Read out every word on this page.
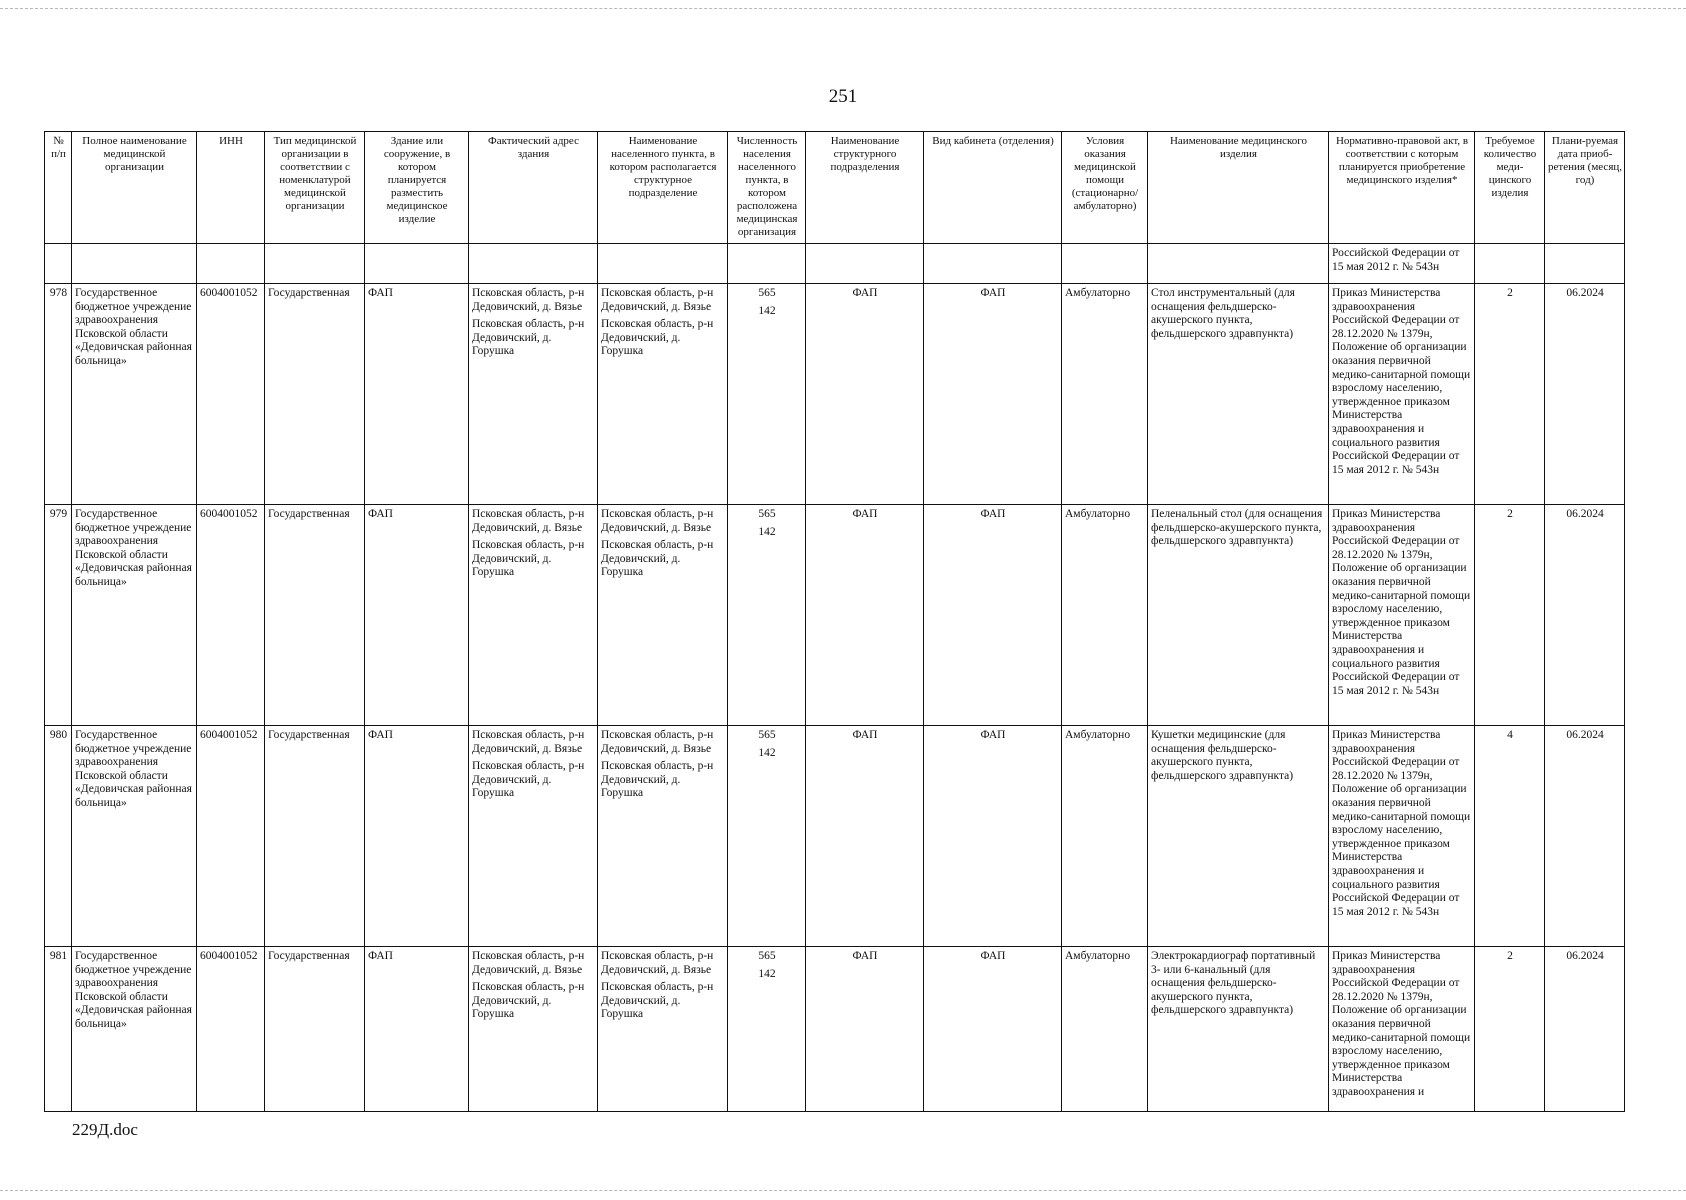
251
№ п/п	Полное наименование медицинской организации	ИНН	Тип медицинской организации в соответствии с номенклатурой медицинской организации	Здание или сооружение, в котором планируется разместить медицинское изделие	Фактический адрес здания	Наименование населенного пункта, в котором располагается структурное подразделение	Численность населения населенного пункта, в котором расположена медицинская организация	Наименование структурного подразделения	Вид кабинета (отделения)	Условия оказания медицинской помощи (стационарно/ амбулаторно)	Наименование медицинского изделия	Нормативно-правовой акт, в соответствии с которым планируется приобретение медицинского изделия*	Требуемое количество меди-цинского изделия	Плани-руемая дата приоб-ретения (месяц, год)
												Российской Федерации от 15 мая 2012 г. № 543н		
978	Государственное бюджетное учреждение здравоохранения Псковской области «Дедовичская районная больница»	6004001052	Государственная	ФАП	Псковская область, р-н Дедовичский, д. Вязье
Псковская область, р-н Дедовичский, д. Горушка	Псковская область, р-н Дедовичский, д. Вязье
Псковская область, р-н Дедовичский, д. Горушка	565
142	ФАП	ФАП	Амбулаторно	Стол инструментальный (для оснащения фельдшерско-акушерского пункта, фельдшерского здравпункта)	Приказ Министерства здравоохранения Российской Федерации от 28.12.2020 № 1379н, Положение об организации оказания первичной медико-санитарной помощи взрослому населению, утвержденное приказом Министерства здравоохранения и социального развития Российской Федерации от 15 мая 2012 г. № 543н	2	06.2024
979	Государственное бюджетное учреждение здравоохранения Псковской области «Дедовичская районная больница»	6004001052	Государственная	ФАП	Псковская область, р-н Дедовичский, д. Вязье
Псковская область, р-н Дедовичский, д. Горушка	Псковская область, р-н Дедовичский, д. Вязье
Псковская область, р-н Дедовичский, д. Горушка	565
142	ФАП	ФАП	Амбулаторно	Пеленальный стол (для оснащения фельдшерско-акушерского пункта, фельдшерского здравпункта)	Приказ Министерства здравоохранения Российской Федерации от 28.12.2020 № 1379н, Положение об организации оказания первичной медико-санитарной помощи взрослому населению, утвержденное приказом Министерства здравоохранения и социального развития Российской Федерации от 15 мая 2012 г. № 543н	2	06.2024
980	Государственное бюджетное учреждение здравоохранения Псковской области «Дедовичская районная больница»	6004001052	Государственная	ФАП	Псковская область, р-н Дедовичский, д. Вязье
Псковская область, р-н Дедовичский, д. Горушка	Псковская область, р-н Дедовичский, д. Вязье
Псковская область, р-н Дедовичский, д. Горушка	565
142	ФАП	ФАП	Амбулаторно	Кушетки медицинские (для оснащения фельдшерско-акушерского пункта, фельдшерского здравпункта)	Приказ Министерства здравоохранения Российской Федерации от 28.12.2020 № 1379н, Положение об организации оказания первичной медико-санитарной помощи взрослому населению, утвержденное приказом Министерства здравоохранения и социального развития Российской Федерации от 15 мая 2012 г. № 543н	4	06.2024
981	Государственное бюджетное учреждение здравоохранения Псковской области «Дедовичская районная больница»	6004001052	Государственная	ФАП	Псковская область, р-н Дедовичский, д. Вязье
Псковская область, р-н Дедовичский, д. Горушка	Псковская область, р-н Дедовичский, д. Вязье
Псковская область, р-н Дедовичский, д. Горушка	565
142	ФАП	ФАП	Амбулаторно	Электрокардиограф портативный 3- или 6-канальный (для оснащения фельдшерско-акушерского пункта, фельдшерского здравпункта)	Приказ Министерства здравоохранения Российской Федерации от 28.12.2020 № 1379н, Положение об организации оказания первичной медико-санитарной помощи взрослому населению, утвержденное приказом Министерства здравоохранения и	2	06.2024
229Д.doc
